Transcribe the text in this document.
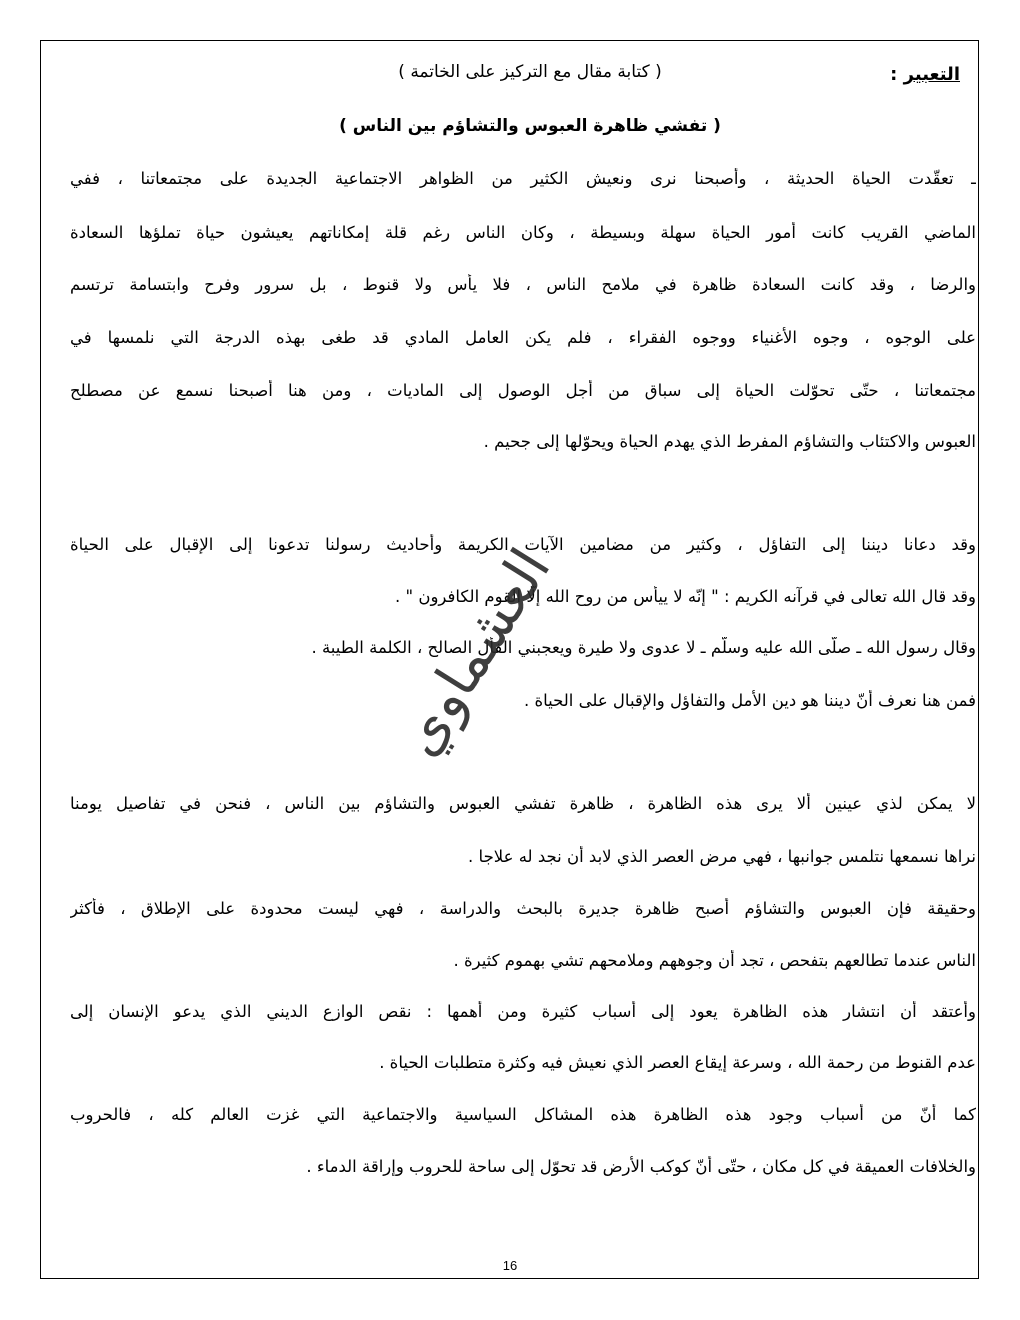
التعبير :
( كتابة مقال مع التركيز على الخاتمة )
( تفشي ظاهرة العبوس والتشاؤم بين الناس )
ـ تعقّدت الحياة الحديثة ، وأصبحنا نرى ونعيش الكثير من الظواهر الاجتماعية الجديدة على مجتمعاتنا ، ففي
الماضي القريب كانت أمور الحياة سهلة وبسيطة ، وكان الناس رغم قلة إمكاناتهم يعيشون حياة تملؤها السعادة
والرضا ، وقد كانت السعادة ظاهرة في ملامح الناس ، فلا يأس ولا قنوط ، بل سرور وفرح وابتسامة ترتسم
على الوجوه ، وجوه الأغنياء ووجوه الفقراء ، فلم يكن العامل المادي قد طغى بهذه الدرجة التي نلمسها في
مجتمعاتنا ، حتّى تحوّلت الحياة إلى سباق من أجل الوصول إلى الماديات ، ومن هنا أصبحنا نسمع عن مصطلح
العبوس والاكتئاب والتشاؤم المفرط الذي يهدم الحياة ويحوّلها إلى جحيم .
وقد دعانا ديننا إلى التفاؤل ، وكثير من مضامين الآيات الكريمة وأحاديث رسولنا تدعونا إلى الإقبال على الحياة
وقد قال الله تعالى في قرآنه الكريم : " إنّه لا ييأس من روح الله إلّا القوم الكافرون " .
وقال رسول الله ـ صلّى الله عليه وسلّم ـ لا عدوى ولا طيرة ويعجبني الفأل الصالح ، الكلمة الطيبة .
فمن هنا نعرف أنّ ديننا هو دين الأمل والتفاؤل والإقبال على الحياة .
لا يمكن لذي عينين ألا يرى هذه الظاهرة ، ظاهرة تفشي العبوس والتشاؤم بين الناس ، فنحن في تفاصيل يومنا
نراها نسمعها نتلمس جوانبها ، فهي مرض العصر الذي لابد أن نجد له علاجا .
وحقيقة فإن العبوس والتشاؤم أصبح ظاهرة جديرة بالبحث والدراسة ، فهي ليست محدودة على الإطلاق ، فأكثر
الناس عندما تطالعهم بتفحص ، تجد أن وجوههم وملامحهم تشي بهموم كثيرة .
وأعتقد أن انتشار هذه الظاهرة يعود إلى أسباب كثيرة ومن أهمها : نقص الوازع الديني الذي يدعو الإنسان إلى
عدم القنوط من رحمة الله ، وسرعة إيقاع العصر الذي نعيش فيه وكثرة متطلبات الحياة .
كما أنّ من أسباب وجود هذه الظاهرة هذه المشاكل السياسية والاجتماعية التي غزت العالم كله ، فالحروب
والخلافات العميقة في كل مكان ، حتّى أنّ كوكب الأرض قد تحوّل إلى ساحة للحروب وإراقة الدماء .
العشماوي
16
